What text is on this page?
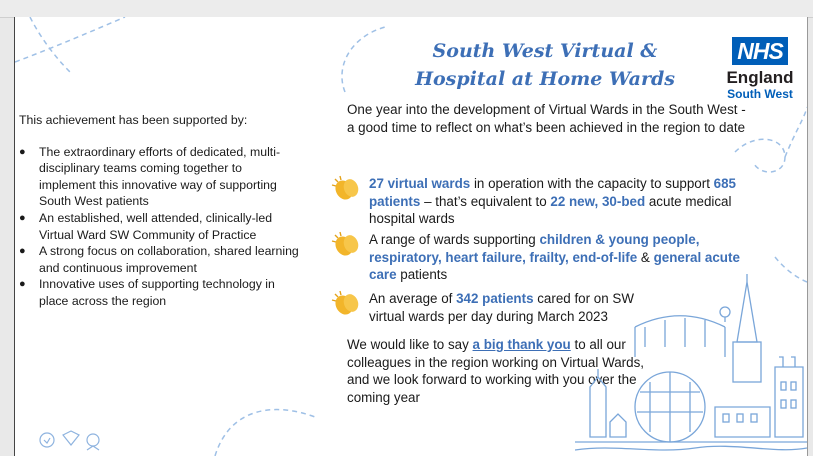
South West Virtual &
Hospital at Home Wards
NHS
England
South West

This achievement has been supported by:

● The extraordinary efforts of dedicated, multi-disciplinary teams coming together to implement this innovative way of supporting South West patients
● An established, well attended, clinically-led Virtual Ward SW Community of Practice
● A strong focus on collaboration, shared learning and continuous improvement
● Innovative uses of supporting technology in place across the region

One year into the development of Virtual Wards in the South West - a good time to reflect on what’s been achieved in the region to date

27 virtual wards in operation with the capacity to support 685 patients – that’s equivalent to 22 new, 30-bed acute medical hospital wards
A range of wards supporting children & young people, respiratory, heart failure, frailty, end-of-life & general acute care patients
An average of 342 patients cared for on SW virtual wards per day during March 2023
We would like to say a big thank you to all our colleagues in the region working on Virtual Wards, and we look forward to working with you over the coming year
